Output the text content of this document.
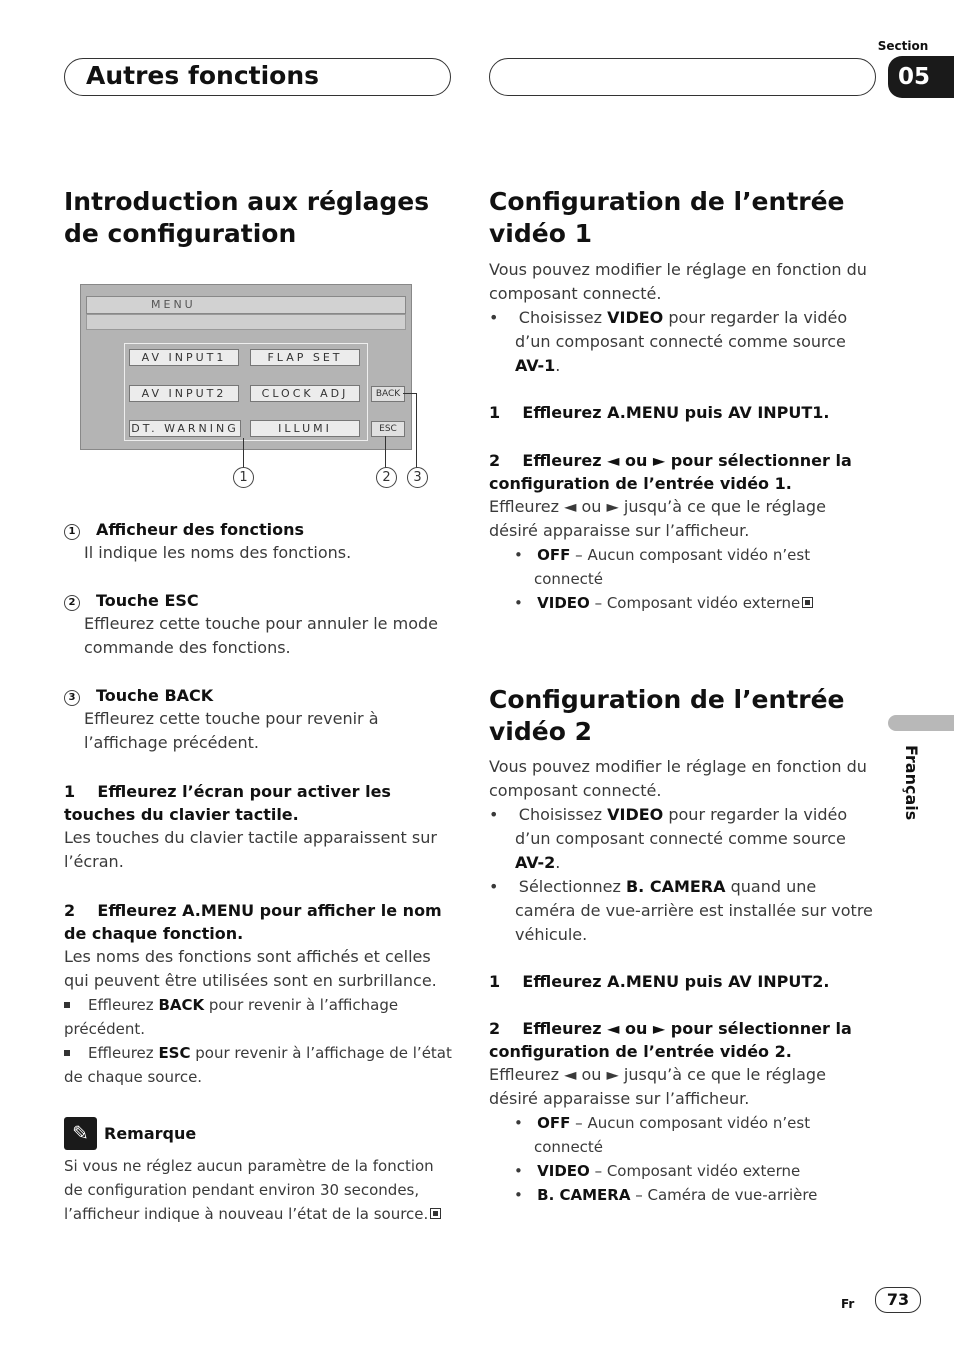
Section
05
Autres fonctions
Introduction aux réglages de configuration
MENU
AV INPUT1	FLAP SET
AV INPUT2	CLOCK ADJ
DT. WARNING	ILLUMI
BACK
ESC
1	2	3
1 Afficheur des fonctions
Il indique les noms des fonctions.
2 Touche ESC
Effleurez cette touche pour annuler le mode commande des fonctions.
3 Touche BACK
Effleurez cette touche pour revenir à l’affichage précédent.
1 Effleurez l’écran pour activer les touches du clavier tactile.
Les touches du clavier tactile apparaissent sur l’écran.
2 Effleurez A.MENU pour afficher le nom de chaque fonction.
Les noms des fonctions sont affichés et celles qui peuvent être utilisées sont en surbrillance.
Effleurez BACK pour revenir à l’affichage précédent.
Effleurez ESC pour revenir à l’affichage de l’état de chaque source.
✎ Remarque
Si vous ne réglez aucun paramètre de la fonction de configuration pendant environ 30 secondes, l’afficheur indique à nouveau l’état de la source.
Configuration de l’entrée vidéo 1
Vous pouvez modifier le réglage en fonction du composant connecté.
•    Choisissez VIDEO pour regarder la vidéo d’un composant connecté comme source AV-1.
1 Effleurez A.MENU puis AV INPUT1.
2 Effleurez ◄ ou ► pour sélectionner la configuration de l’entrée vidéo 1.
Effleurez ◄ ou ► jusqu’à ce que le réglage désiré apparaisse sur l’afficheur.
•   OFF – Aucun composant vidéo n’est connecté
•   VIDEO – Composant vidéo externe
Configuration de l’entrée vidéo 2
Vous pouvez modifier le réglage en fonction du composant connecté.
•    Choisissez VIDEO pour regarder la vidéo d’un composant connecté comme source AV-2.
•    Sélectionnez B. CAMERA quand une caméra de vue-arrière est installée sur votre véhicule.
1 Effleurez A.MENU puis AV INPUT2.
2 Effleurez ◄ ou ► pour sélectionner la configuration de l’entrée vidéo 2.
Effleurez ◄ ou ► jusqu’à ce que le réglage désiré apparaisse sur l’afficheur.
•   OFF – Aucun composant vidéo n’est connecté
•   VIDEO – Composant vidéo externe
•   B. CAMERA – Caméra de vue-arrière
Français
Fr	73
